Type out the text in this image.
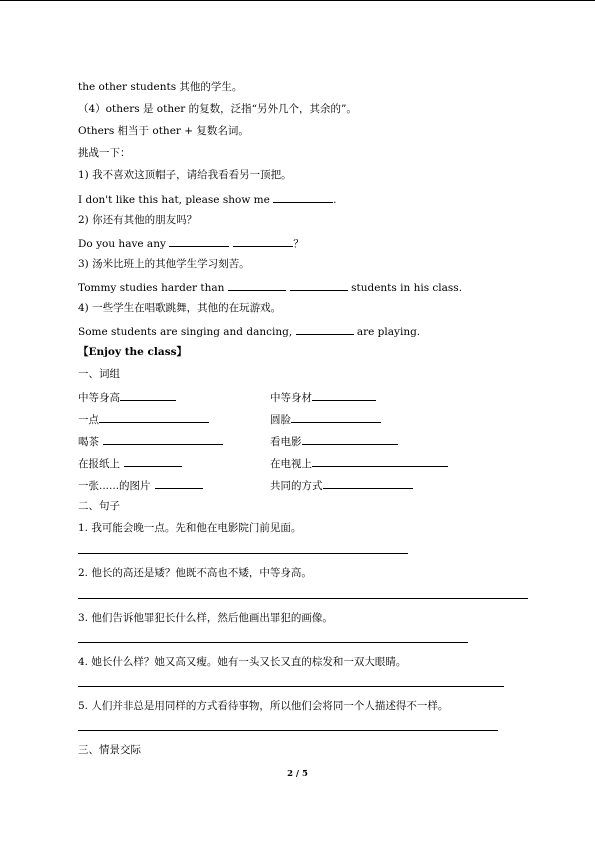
the other students 其他的学生。
（4）others 是 other 的复数，泛指“另外几个，其余的”。
Others 相当于 other + 复数名词。
挑战一下：
1) 我不喜欢这顶帽子，请给我看看另一顶把。
I don't like this hat, please show me	.
2) 你还有其他的朋友吗？
Do you have any	？
3) 汤米比班上的其他学生学习刻苦。
Tommy studies harder than	students in his class.
4) 一些学生在唱歌跳舞，其他的在玩游戏。
Some students are singing and dancing,	are playing.
【Enjoy the class】
一、词组
中等身高	中等身材
一点	圆脸
喝茶	看电影
在报纸上	在电视上
一张......的图片	共同的方式
二、句子
1. 我可能会晚一点。先和他在电影院门前见面。
2. 他长的高还是矮？他既不高也不矮，中等身高。
3. 他们告诉他罪犯长什么样，然后他画出罪犯的画像。
4. 她长什么样？她又高又瘦。她有一头又长又直的棕发和一双大眼睛。
5. 人们并非总是用同样的方式看待事物，所以他们会将同一个人描述得不一样。
三、情景交际
2 / 5
